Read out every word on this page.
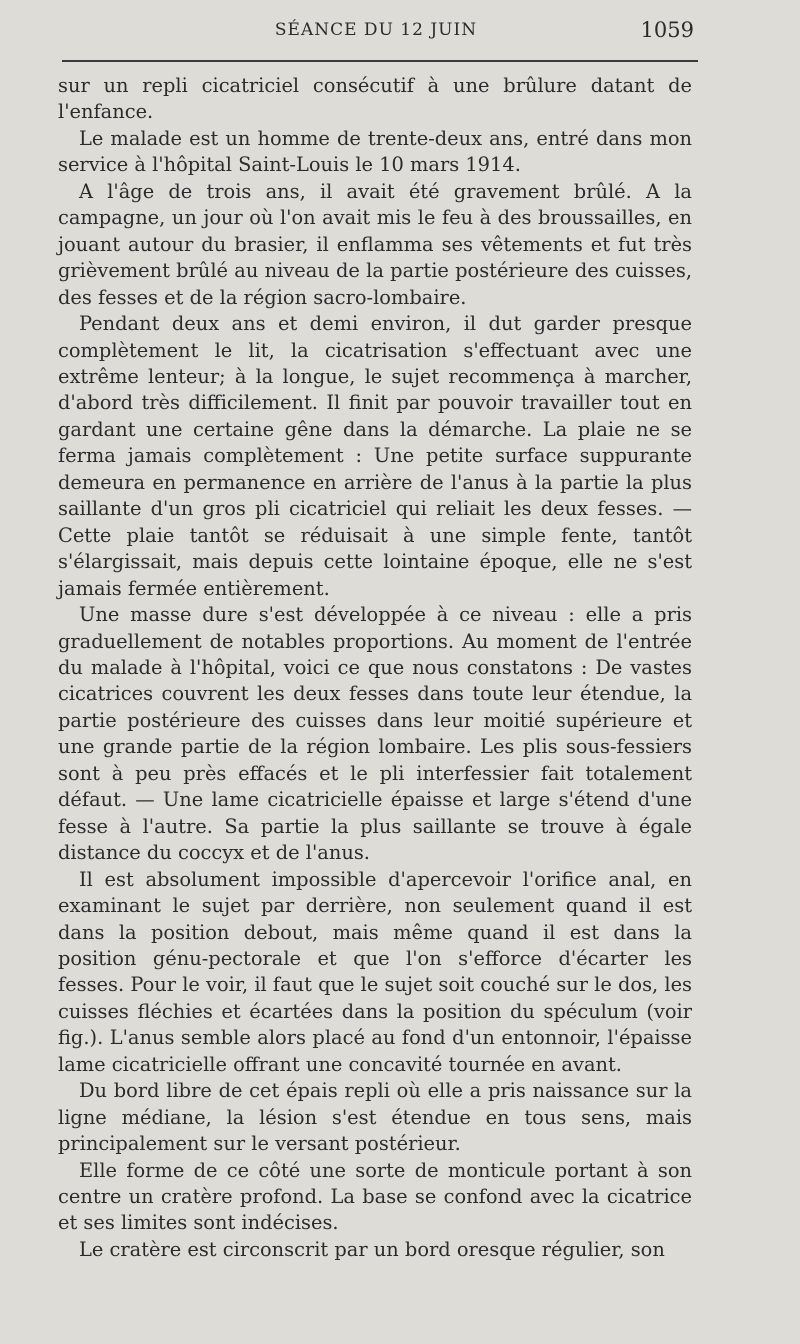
SÉANCE DU 12 JUIN	1059

sur un repli cicatriciel consécutif à une brûlure datant de l'enfance.

Le malade est un homme de trente-deux ans, entré dans mon service à l'hôpital Saint-Louis le 10 mars 1914.

A l'âge de trois ans, il avait été gravement brûlé. A la campagne, un jour où l'on avait mis le feu à des broussailles, en jouant autour du brasier, il enflamma ses vêtements et fut très grièvement brûlé au niveau de la partie postérieure des cuisses, des fesses et de la région sacro-lombaire.

Pendant deux ans et demi environ, il dut garder presque complètement le lit, la cicatrisation s'effectuant avec une extrême lenteur; à la longue, le sujet recommença à marcher, d'abord très difficilement. Il finit par pouvoir travailler tout en gardant une certaine gêne dans la démarche. La plaie ne se ferma jamais complètement : Une petite surface suppurante demeura en permanence en arrière de l'anus à la partie la plus saillante d'un gros pli cicatriciel qui reliait les deux fesses. — Cette plaie tantôt se réduisait à une simple fente, tantôt s'élargissait, mais depuis cette lointaine époque, elle ne s'est jamais fermée entièrement.

Une masse dure s'est développée à ce niveau : elle a pris graduellement de notables proportions. Au moment de l'entrée du malade à l'hôpital, voici ce que nous constatons : De vastes cicatrices couvrent les deux fesses dans toute leur étendue, la partie postérieure des cuisses dans leur moitié supérieure et une grande partie de la région lombaire. Les plis sous-fessiers sont à peu près effacés et le pli interfessier fait totalement défaut. — Une lame cicatricielle épaisse et large s'étend d'une fesse à l'autre. Sa partie la plus saillante se trouve à égale distance du coccyx et de l'anus.

Il est absolument impossible d'apercevoir l'orifice anal, en examinant le sujet par derrière, non seulement quand il est dans la position debout, mais même quand il est dans la position génu-pectorale et que l'on s'efforce d'écarter les fesses. Pour le voir, il faut que le sujet soit couché sur le dos, les cuisses fléchies et écartées dans la position du spéculum (voir fig.). L'anus semble alors placé au fond d'un entonnoir, l'épaisse lame cicatricielle offrant une concavité tournée en avant.

Du bord libre de cet épais repli où elle a pris naissance sur la ligne médiane, la lésion s'est étendue en tous sens, mais principalement sur le versant postérieur.

Elle forme de ce côté une sorte de monticule portant à son centre un cratère profond. La base se confond avec la cicatrice et ses limites sont indécises.

Le cratère est circonscrit par un bord oresque régulier, son
